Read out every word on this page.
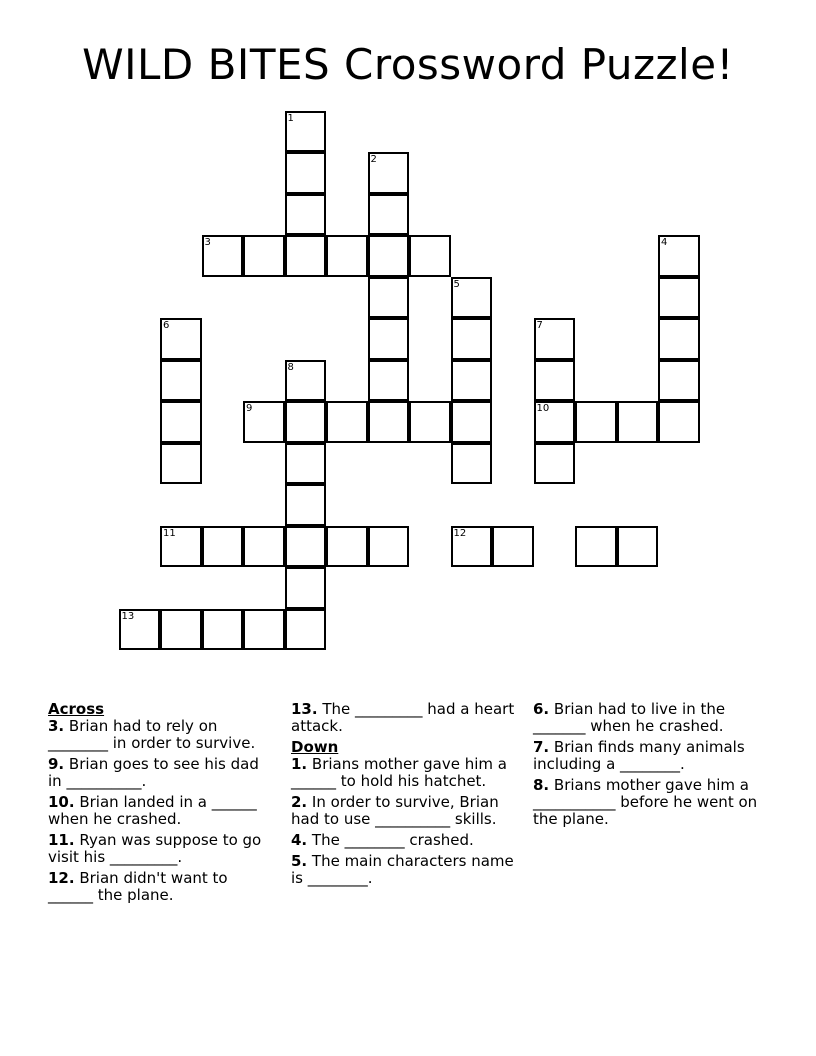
WILD BITES Crossword Puzzle!
1
2
3	4
5
6	7
10
8
9
11	12
13
Across
3. Brian had to rely on ________ in order to survive.
9. Brian goes to see his dad in __________.
10. Brian landed in a ______ when he crashed.
11. Ryan was suppose to go visit his _________.
12. Brian didn't want to ______ the plane.
13. The _________ had a heart attack.
Down
1. Brians mother gave him a ______ to hold his hatchet.
2. In order to survive, Brian had to use __________ skills.
4. The ________ crashed.
5. The main characters name is ________.
6. Brian had to live in the _______ when he crashed.
7. Brian finds many animals including a ________.
8. Brians mother gave him a ___________ before he went on the plane.
